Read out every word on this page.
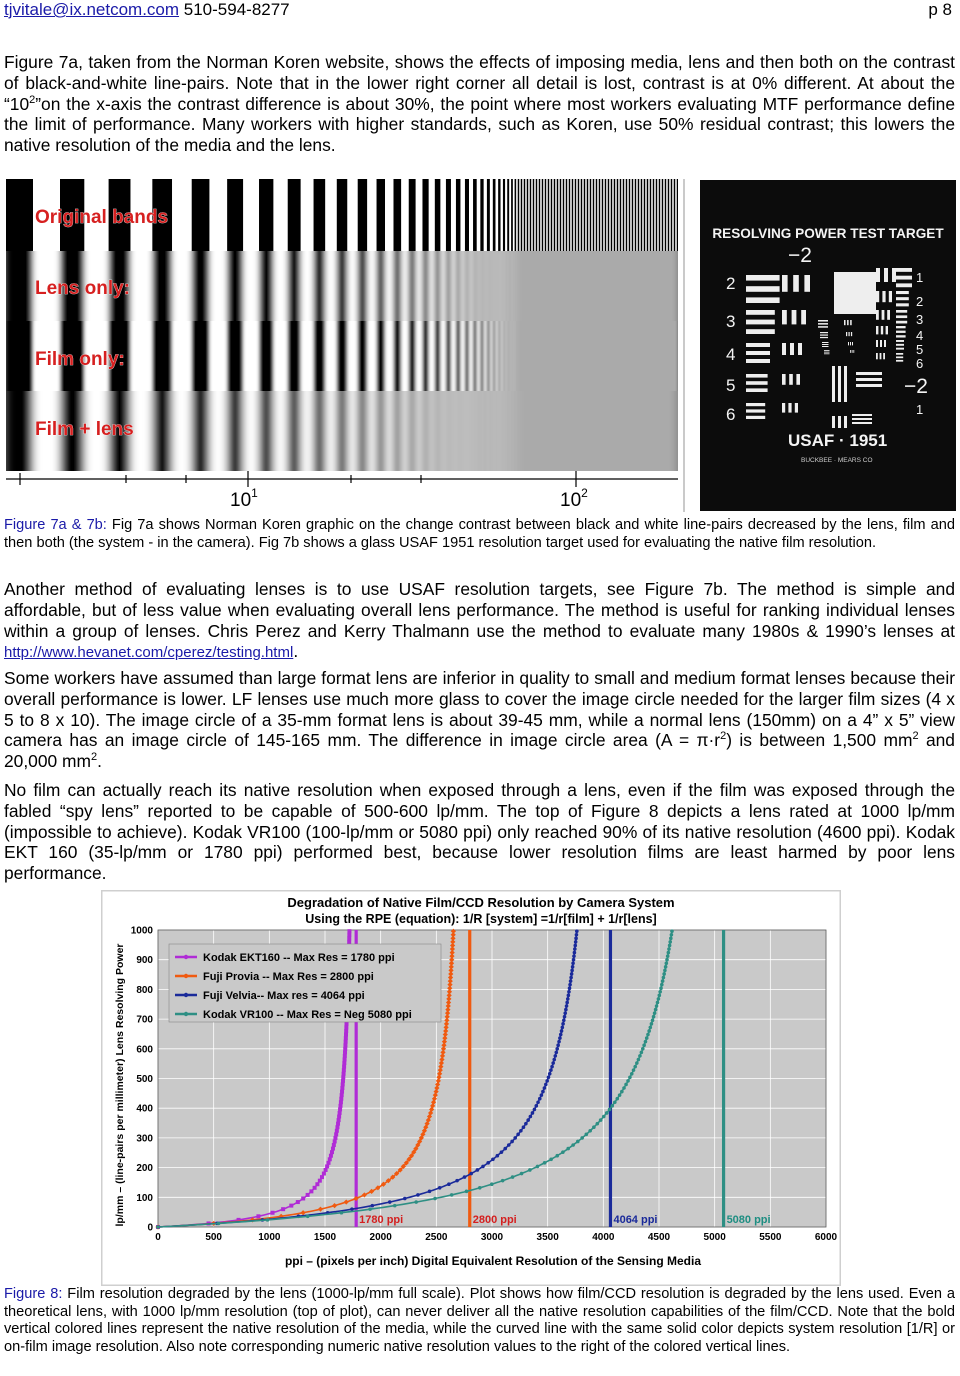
tjvitale@ix.netcom.com 510-594-8277	p 8
Figure 7a, taken from the Norman Koren website, shows the effects of imposing media, lens and then both on the contrast of black-and-white line-pairs. Note that in the lower right corner all detail is lost, contrast is at 0% different. At about the “$10^2”on$ the x-axis the contrast difference is about 30%, the point where most workers evaluating MTF performance define the limit of performance. Many workers with higher standards, such as Koren, use 50% residual contrast; this lowers the native resolution of the media and the lens.
Original bands
Lens only:
Film only:
Film + lens
$10^1$	$10^2$
RESOLVING POWER TEST TARGET
−2
−2
2
3
4
5
6
1
2
3
4
5
6
1
USAF · 1951
BUCKBEE · MEARS CO
Figure 7a & 7b: Fig 7a shows Norman Koren graphic on the change contrast between black and white line-pairs decreased by the lens, film and then both (the system - in the camera). Fig 7b shows a glass USAF 1951 resolution target used for evaluating the native film resolution.
Another method of evaluating lenses is to use USAF resolution targets, see Figure 7b. The method is simple and affordable, but of less value when evaluating overall lens performance. The method is useful for ranking individual lenses within a group of lenses. Chris Perez and Kerry Thalmann use the method to evaluate many 1980s & 1990’s lenses at http://www.hevanet.com/cperez/testing.html.
Some workers have assumed than large format lens are inferior in quality to small and medium format lenses because their overall performance is lower. LF lenses use much more glass to cover the image circle needed for the larger film sizes (4 x 5 to 8 x 10). The image circle of a 35-mm format lens is about 39-45 mm, while a normal lens (150mm) on a 4” x 5” view camera has an image circle of 145-165 mm. The difference in image circle area $(A = \pi\cdot r^2)$ is between 1,500 $mm^2$ and 20,000 $mm^2$.
No film can actually reach its native resolution when exposed through a lens, even if the film was exposed through the fabled “spy lens” reported to be capable of 500-600 lp/mm. The top of Figure 8 depicts a lens rated at 1000 lp/mm (impossible to achieve). Kodak VR100 (100-lp/mm or 5080 ppi) only reached 90% of its native resolution (4600 ppi). Kodak EKT 160 (35-lp/mm or 1780 ppi) performed best, because lower resolution films are least harmed by poor lens performance.
Degradation of Native Film/CCD Resolution by Camera System
Using the RPE (equation): 1/R [system] =1/r[film] + 1/r[lens]
0
100
200
300
400
500
600
700
800
900
1000
0	500	1000	1500	2000	2500	3000	3500	4000	4500	5000	5500	6000
1780 ppi	2800 ppi	4064 ppi	5080 ppi
Kodak EKT160 -- Max Res = 1780 ppi
Fuji Provia -- Max Res = 2800 ppi
Fuji Velvia-- Max res = 4064 ppi
Kodak VR100 -- Max Res = Neg 5080 ppi
lp/mm – (line-pairs per millimeter) Lens Resolving Power
ppi – (pixels per inch) Digital Equivalent Resolution of the Sensing Media
Figure 8: Film resolution degraded by the lens (1000-lp/mm full scale). Plot shows how film/CCD resolution is degraded by the lens used. Even a theoretical lens, with 1000 lp/mm resolution (top of plot), can never deliver all the native resolution capabilities of the film/CCD. Note that the bold vertical colored lines represent the native resolution of the media, while the curved line with the same solid color depicts system resolution [1/R] or on-film image resolution. Also note corresponding numeric native resolution values to the right of the colored vertical lines.
